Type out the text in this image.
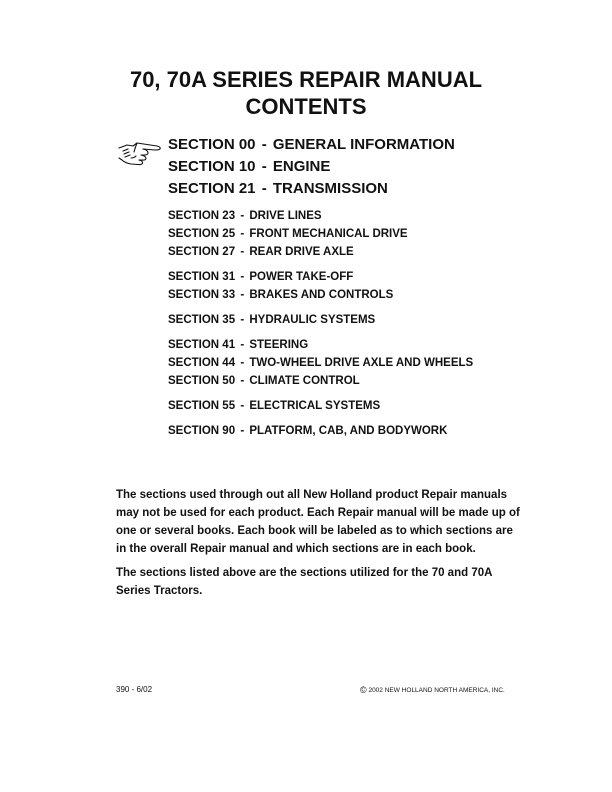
70, 70A SERIES REPAIR MANUAL
CONTENTS
SECTION 00 - GENERAL INFORMATION
SECTION 10 - ENGINE
SECTION 21 - TRANSMISSION
SECTION 23 - DRIVE LINES
SECTION 25 - FRONT MECHANICAL DRIVE
SECTION 27 - REAR DRIVE AXLE
SECTION 31 - POWER TAKE-OFF
SECTION 33 - BRAKES AND CONTROLS
SECTION 35 - HYDRAULIC SYSTEMS
SECTION 41 - STEERING
SECTION 44 - TWO-WHEEL DRIVE AXLE AND WHEELS
SECTION 50 - CLIMATE CONTROL
SECTION 55 - ELECTRICAL SYSTEMS
SECTION 90 - PLATFORM, CAB, AND BODYWORK

The sections used through out all New Holland product Repair manuals may not be used for each product. Each Repair manual will be made up of one or several books. Each book will be labeled as to which sections are in the overall Repair manual and which sections are in each book.

The sections listed above are the sections utilized for the 70 and 70A Series Tractors.

390 - 6/02	© 2002 NEW HOLLAND NORTH AMERICA, INC.
